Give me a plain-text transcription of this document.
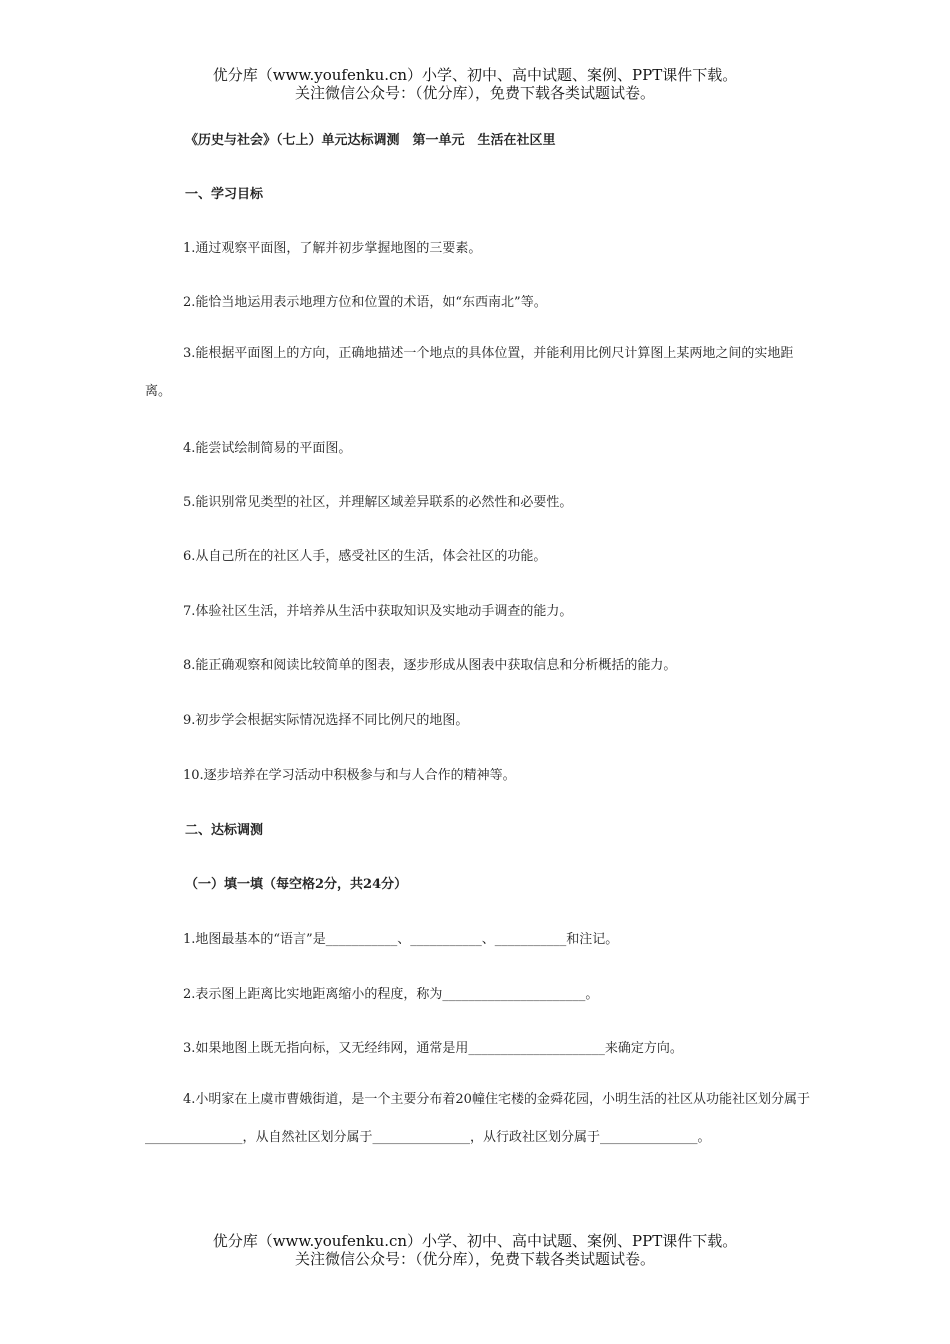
优分库（www.youfenku.cn）小学、初中、高中试题、案例、PPT课件下载。
关注微信公众号：（优分库），免费下载各类试题试卷。
《历史与社会》（七上）单元达标调测　第一单元　生活在社区里
一、学习目标
1.通过观察平面图，了解并初步掌握地图的三要素。
2.能恰当地运用表示地理方位和位置的术语，如“东西南北”等。
3.能根据平面图上的方向，正确地描述一个地点的具体位置，并能利用比例尺计算图上某两地之间的实地距离。
4.能尝试绘制简易的平面图。
5.能识别常见类型的社区，并理解区域差异联系的必然性和必要性。
6.从自己所在的社区人手，感受社区的生活，体会社区的功能。
7.体验社区生活，并培养从生活中获取知识及实地动手调查的能力。
8.能正确观察和阅读比较简单的图表，逐步形成从图表中获取信息和分析概括的能力。
9.初步学会根据实际情况选择不同比例尺的地图。
10.逐步培养在学习活动中积极参与和与人合作的精神等。
二、达标调测
（一）填一填（每空格2分，共24分）
1.地图最基本的“语言”是___________、___________、___________和注记。
2.表示图上距离比实地距离缩小的程度，称为______________________。
3.如果地图上既无指向标，又无经纬网，通常是用_____________________来确定方向。
4.小明家在上虞市曹娥街道，是一个主要分布着20幢住宅楼的金舜花园，小明生活的社区从功能社区划分属于_______________，从自然社区划分属于_______________，从行政社区划分属于_______________。
优分库（www.youfenku.cn）小学、初中、高中试题、案例、PPT课件下载。
关注微信公众号：（优分库），免费下载各类试题试卷。
